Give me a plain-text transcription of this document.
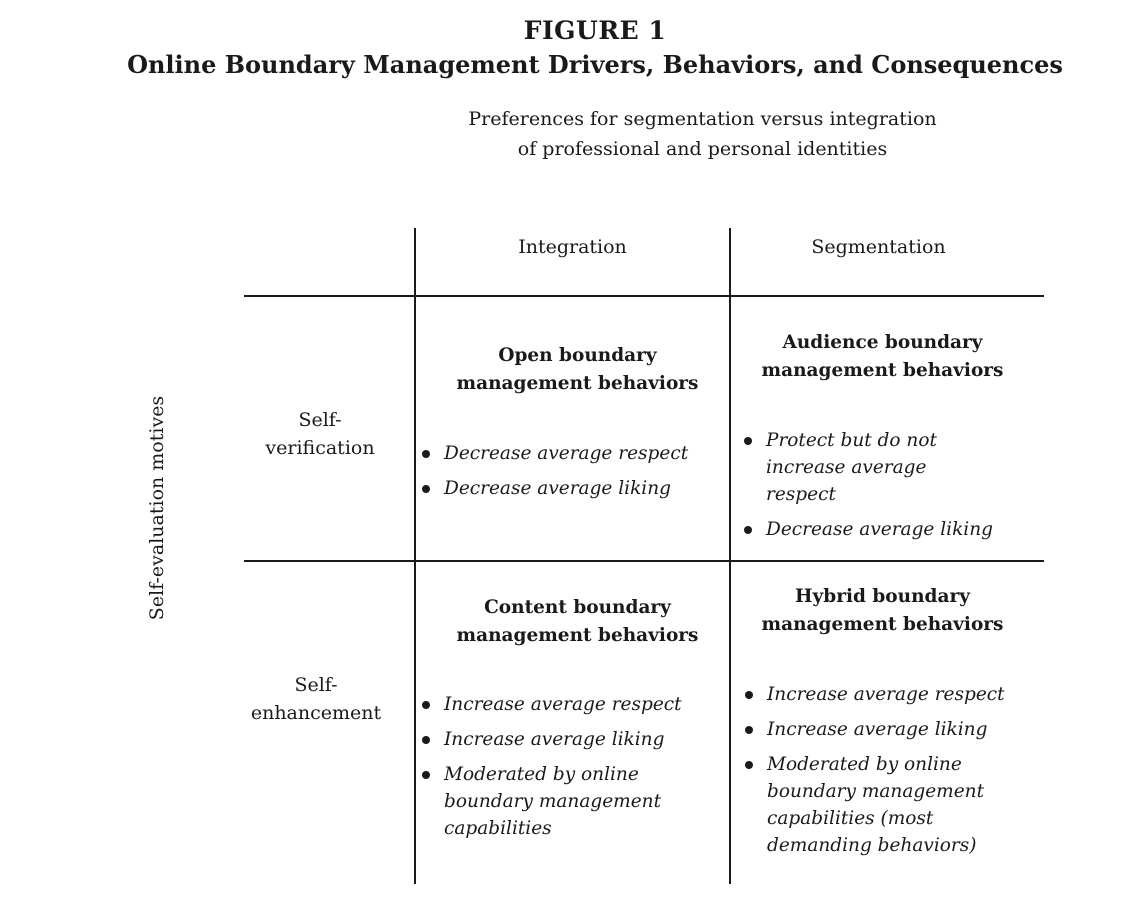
FIGURE 1
Online Boundary Management Drivers, Behaviors, and Consequences
Preferences for segmentation versus integration
of professional and personal identities
Self-evaluation motives
Integration	Segmentation
Self-
verification
Self-
enhancement
Open boundary
management behaviors
Decrease average respect
Decrease average liking
Audience boundary
management behaviors
Protect but do not increase average respect
Decrease average liking
Content boundary
management behaviors
Increase average respect
Increase average liking
Moderated by online boundary management capabilities
Hybrid boundary
management behaviors
Increase average respect
Increase average liking
Moderated by online boundary management capabilities (most demanding behaviors)
